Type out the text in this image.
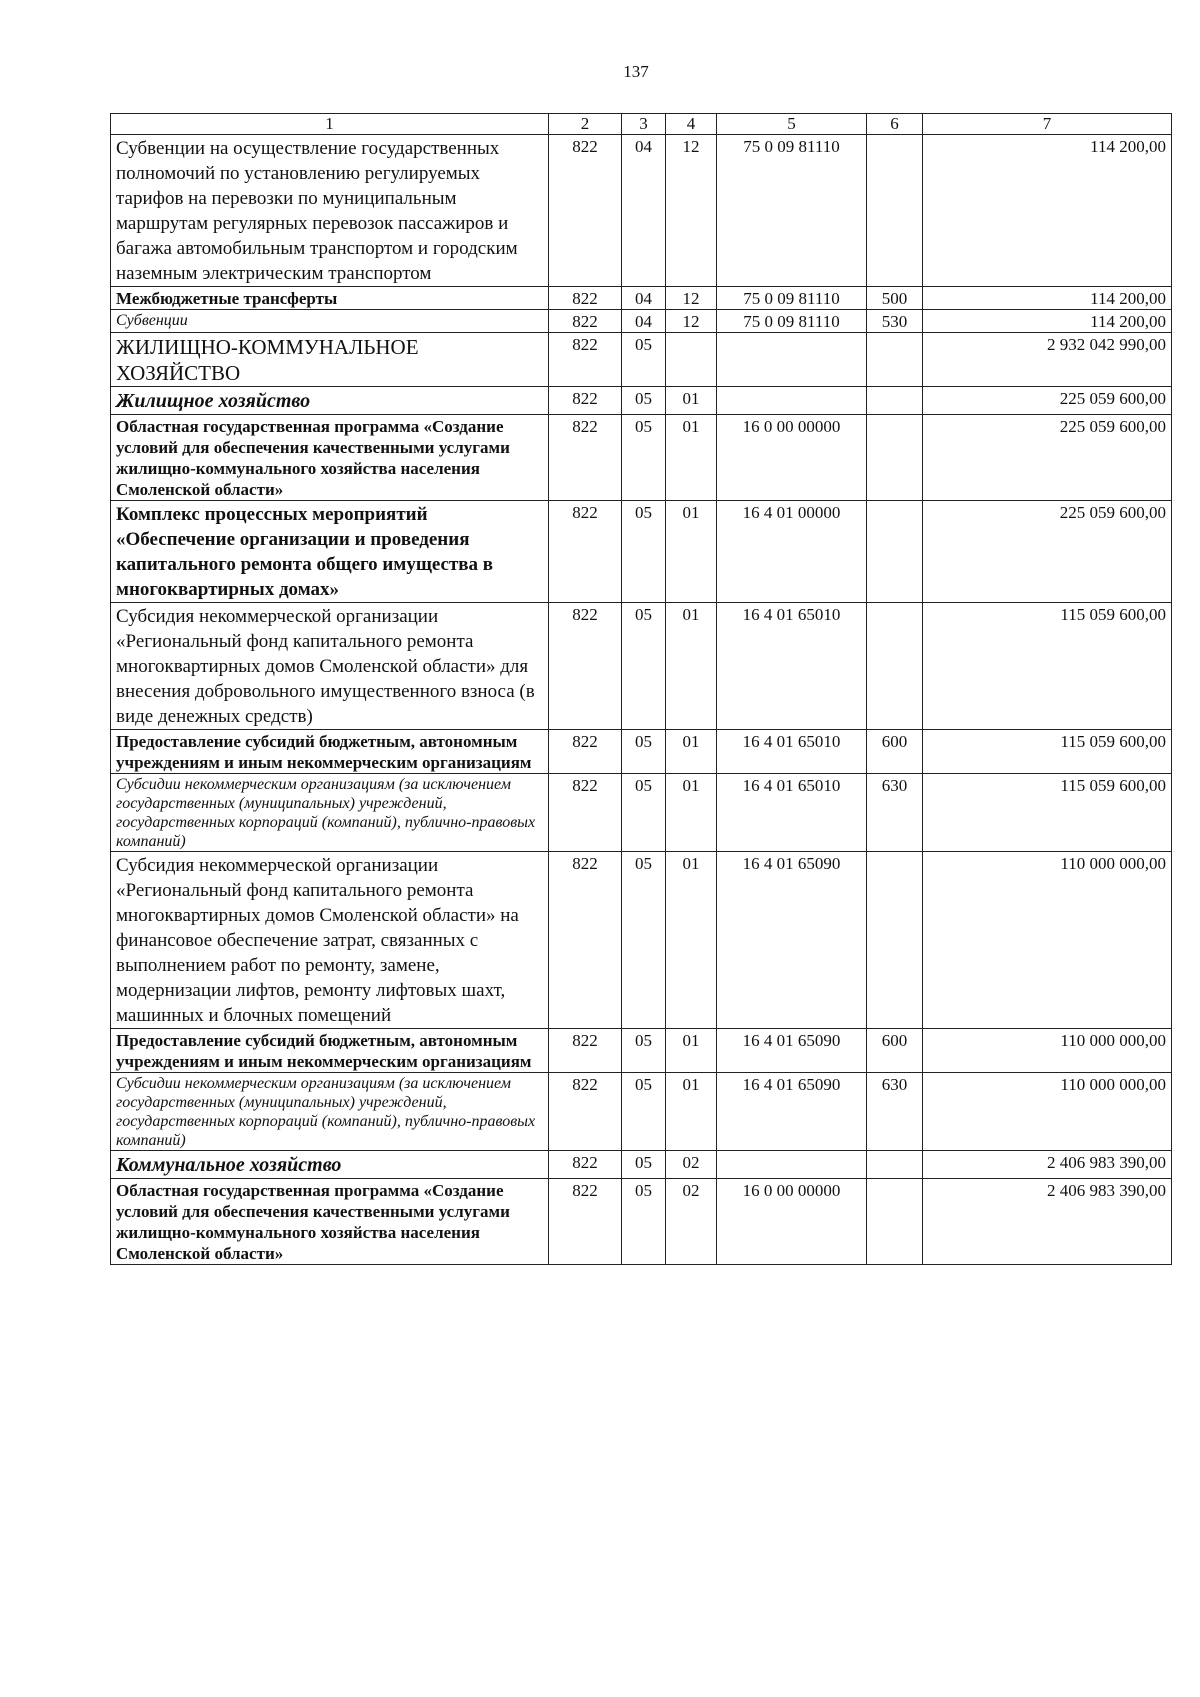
137
1	2	3	4	5	6	7
Субвенции на осуществление государственных полномочий по установлению регулируемых тарифов на перевозки по муниципальным маршрутам регулярных перевозок пассажиров и багажа автомобильным транспортом и городским наземным электрическим транспортом	822	04	12	75 0 09 81110		114 200,00
Межбюджетные трансферты	822	04	12	75 0 09 81110	500	114 200,00
Субвенции	822	04	12	75 0 09 81110	530	114 200,00
ЖИЛИЩНО-КОММУНАЛЬНОЕ ХОЗЯЙСТВО	822	05				2 932 042 990,00
Жилищное хозяйство	822	05	01			225 059 600,00
Областная государственная программа «Создание условий для обеспечения качественными услугами жилищно-коммунального хозяйства населения Смоленской области»	822	05	01	16 0 00 00000		225 059 600,00
Комплекс процессных мероприятий «Обеспечение организации и проведения капитального ремонта общего имущества в многоквартирных домах»	822	05	01	16 4 01 00000		225 059 600,00
Субсидия некоммерческой организации «Региональный фонд капитального ремонта многоквартирных домов Смоленской области» для внесения добровольного имущественного взноса (в виде денежных средств)	822	05	01	16 4 01 65010		115 059 600,00
Предоставление субсидий бюджетным, автономным учреждениям и иным некоммерческим организациям	822	05	01	16 4 01 65010	600	115 059 600,00
Субсидии некоммерческим организациям (за исключением государственных (муниципальных) учреждений, государственных корпораций (компаний), публично-правовых компаний)	822	05	01	16 4 01 65010	630	115 059 600,00
Субсидия некоммерческой организации «Региональный фонд капитального ремонта многоквартирных домов Смоленской области» на финансовое обеспечение затрат, связанных с выполнением работ по ремонту, замене, модернизации лифтов, ремонту лифтовых шахт, машинных и блочных помещений	822	05	01	16 4 01 65090		110 000 000,00
Предоставление субсидий бюджетным, автономным учреждениям и иным некоммерческим организациям	822	05	01	16 4 01 65090	600	110 000 000,00
Субсидии некоммерческим организациям (за исключением государственных (муниципальных) учреждений, государственных корпораций (компаний), публично-правовых компаний)	822	05	01	16 4 01 65090	630	110 000 000,00
Коммунальное хозяйство	822	05	02			2 406 983 390,00
Областная государственная программа «Создание условий для обеспечения качественными услугами жилищно-коммунального хозяйства населения Смоленской области»	822	05	02	16 0 00 00000		2 406 983 390,00
